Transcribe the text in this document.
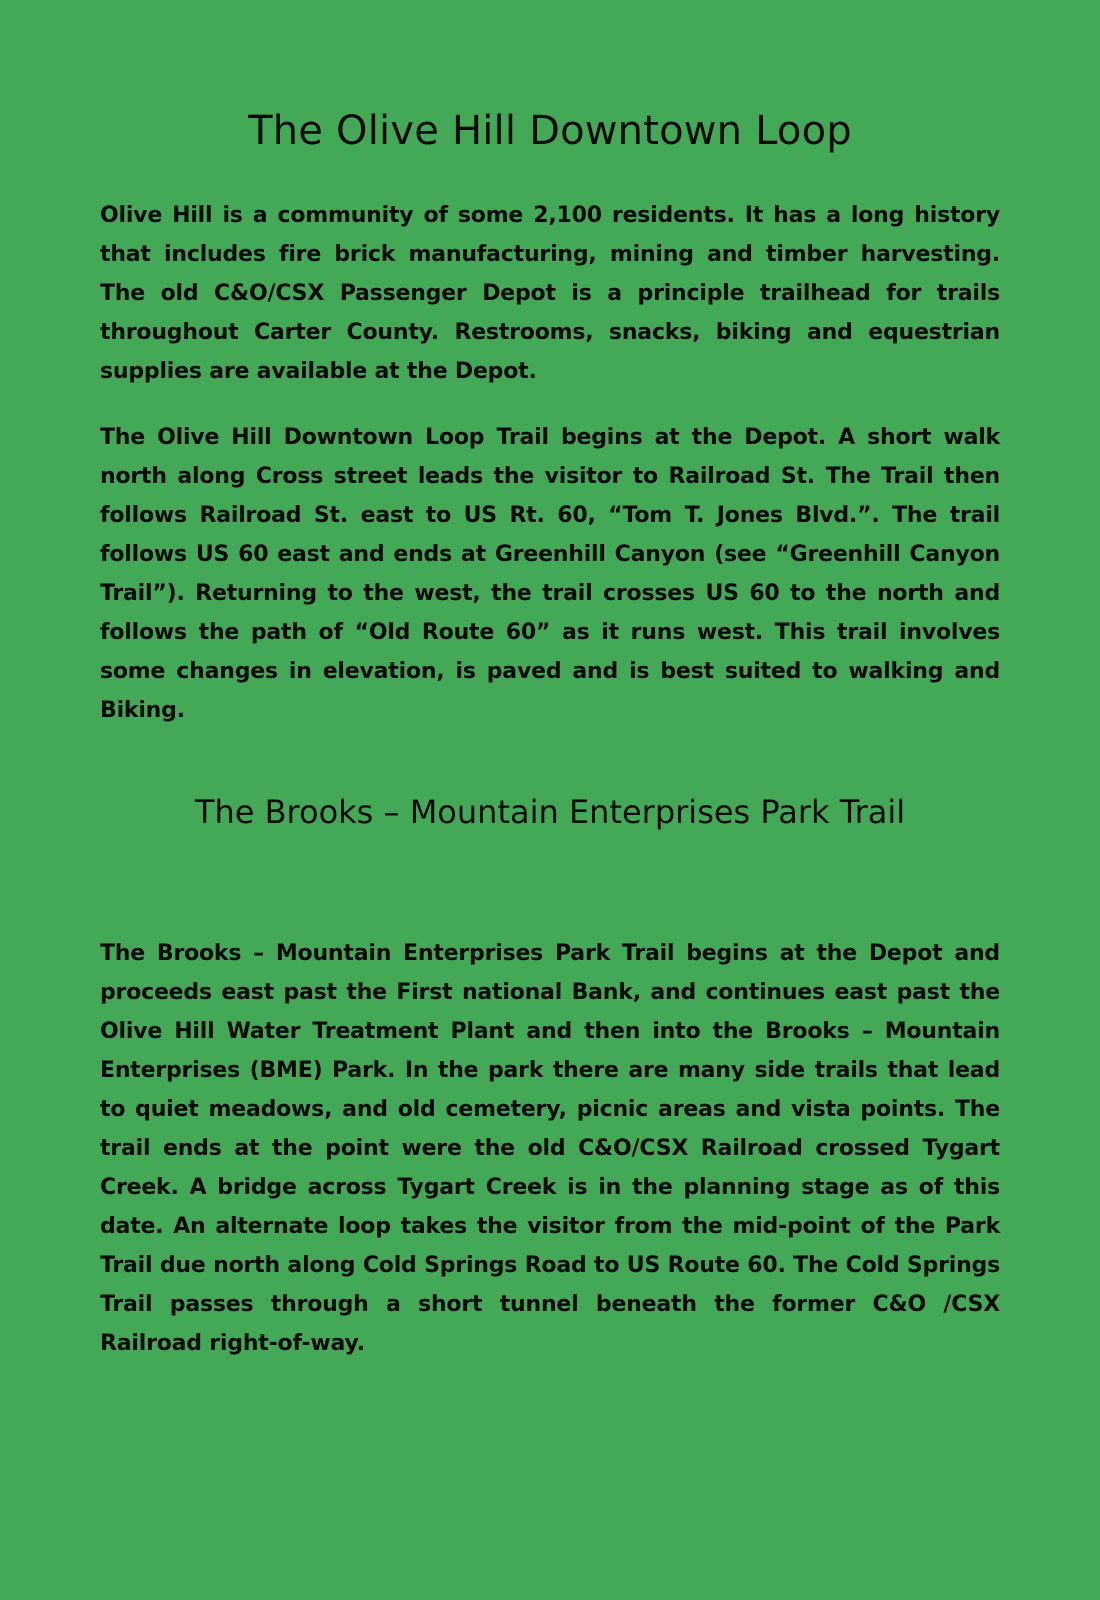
The Olive Hill Downtown Loop

Olive Hill is a community of some 2,100 residents. It has a long history that includes fire brick manufacturing, mining and timber harvesting. The old C&O/CSX Passenger Depot is a principle trailhead for trails throughout Carter County. Restrooms, snacks, biking and equestrian supplies are available at the Depot.

The Olive Hill Downtown Loop Trail begins at the Depot. A short walk north along Cross street leads the visitor to Railroad St. The Trail then follows Railroad St. east to US Rt. 60, “Tom T. Jones Blvd.”. The trail follows US 60 east and ends at Greenhill Canyon (see “Greenhill Canyon Trail”). Returning to the west, the trail crosses US 60 to the north and follows the path of “Old Route 60” as it runs west. This trail involves some changes in elevation, is paved and is best suited to walking and Biking.

The Brooks – Mountain Enterprises Park Trail

The Brooks – Mountain Enterprises Park Trail begins at the Depot and proceeds east past the First national Bank, and continues east past the Olive Hill Water Treatment Plant and then into the Brooks – Mountain Enterprises (BME) Park. In the park there are many side trails that lead to quiet meadows, and old cemetery, picnic areas and vista points. The trail ends at the point were the old C&O/CSX Railroad crossed Tygart Creek. A bridge across Tygart Creek is in the planning stage as of this date. An alternate loop takes the visitor from the mid-point of the Park Trail due north along Cold Springs Road to US Route 60. The Cold Springs Trail passes through a short tunnel beneath the former C&O /CSX Railroad right-of-way.
